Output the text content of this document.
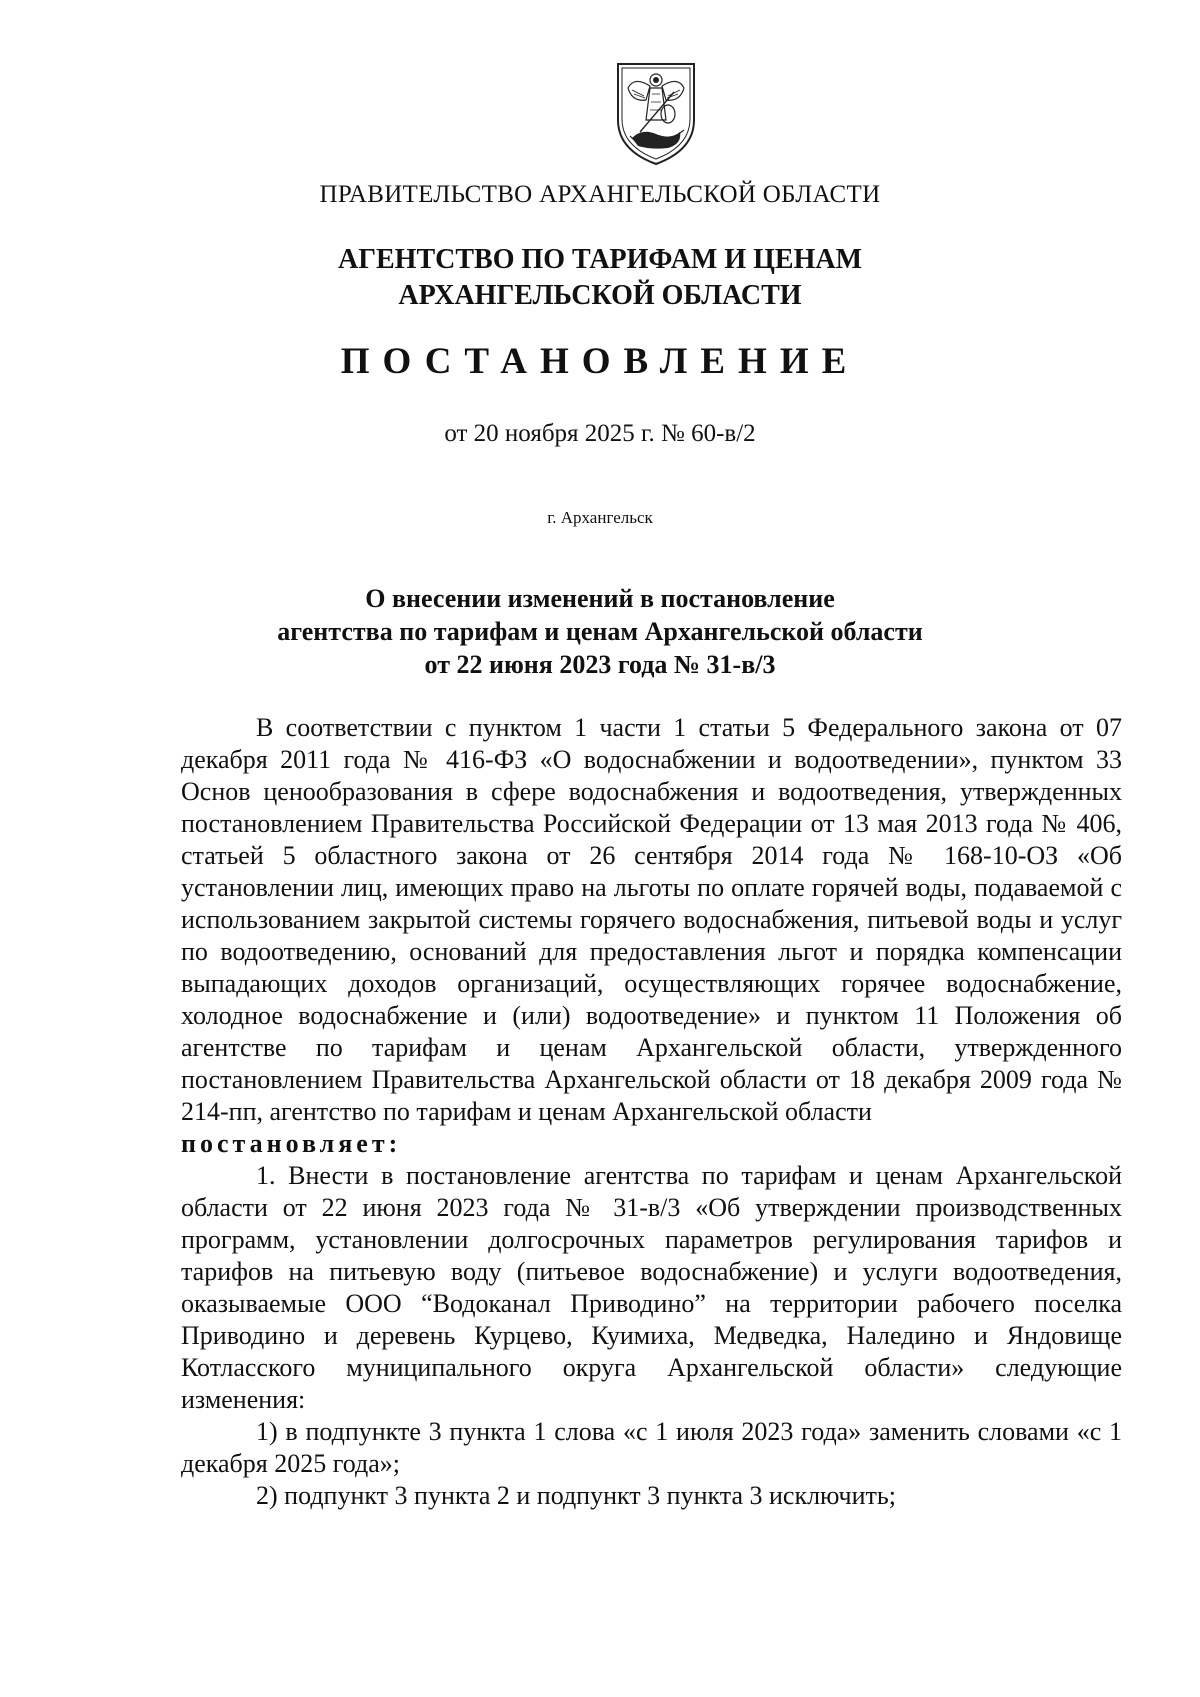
ПРАВИТЕЛЬСТВО АРХАНГЕЛЬСКОЙ ОБЛАСТИ
АГЕНТСТВО ПО ТАРИФАМ И ЦЕНАМ
АРХАНГЕЛЬСКОЙ ОБЛАСТИ
ПОСТАНОВЛЕНИЕ
от 20 ноября 2025 г. № 60-в/2
г. Архангельск
О внесении изменений в постановление
агентства по тарифам и ценам Архангельской области
от 22 июня 2023 года № 31-в/3

В соответствии с пунктом 1 части 1 статьи 5 Федерального закона от 07 декабря 2011 года № 416-ФЗ «О водоснабжении и водоотведении», пунктом 33 Основ ценообразования в сфере водоснабжения и водоотведения, утвержденных постановлением Правительства Российской Федерации от 13 мая 2013 года № 406, статьей 5 областного закона от 26 сентября 2014 года № 168-10-ОЗ «Об установлении лиц, имеющих право на льготы по оплате горячей воды, подаваемой с использованием закрытой системы горячего водоснабжения, питьевой воды и услуг по водоотведению, оснований для предоставления льгот и порядка компенсации выпадающих доходов организаций, осуществляющих горячее водоснабжение, холодное водоснабжение и (или) водоотведение» и пунктом 11 Положения об агентстве по тарифам и ценам Архангельской области, утвержденного постановлением Правительства Архангельской области от 18 декабря 2009 года № 214-пп, агентство по тарифам и ценам Архангельской области

постановляет:

1. Внести в постановление агентства по тарифам и ценам Архангельской области от 22 июня 2023 года № 31-в/3 «Об утверждении производственных программ, установлении долгосрочных параметров регулирования тарифов и тарифов на питьевую воду (питьевое водоснабжение) и услуги водоотведения, оказываемые ООО “Водоканал Приводино” на территории рабочего поселка Приводино и деревень Курцево, Куимиха, Медведка, Наледино и Яндовище Котласского муниципального округа Архангельской области» следующие изменения:

1) в подпункте 3 пункта 1 слова «с 1 июля 2023 года» заменить словами «с 1 декабря 2025 года»;

2) подпункт 3 пункта 2 и подпункт 3 пункта 3 исключить;
